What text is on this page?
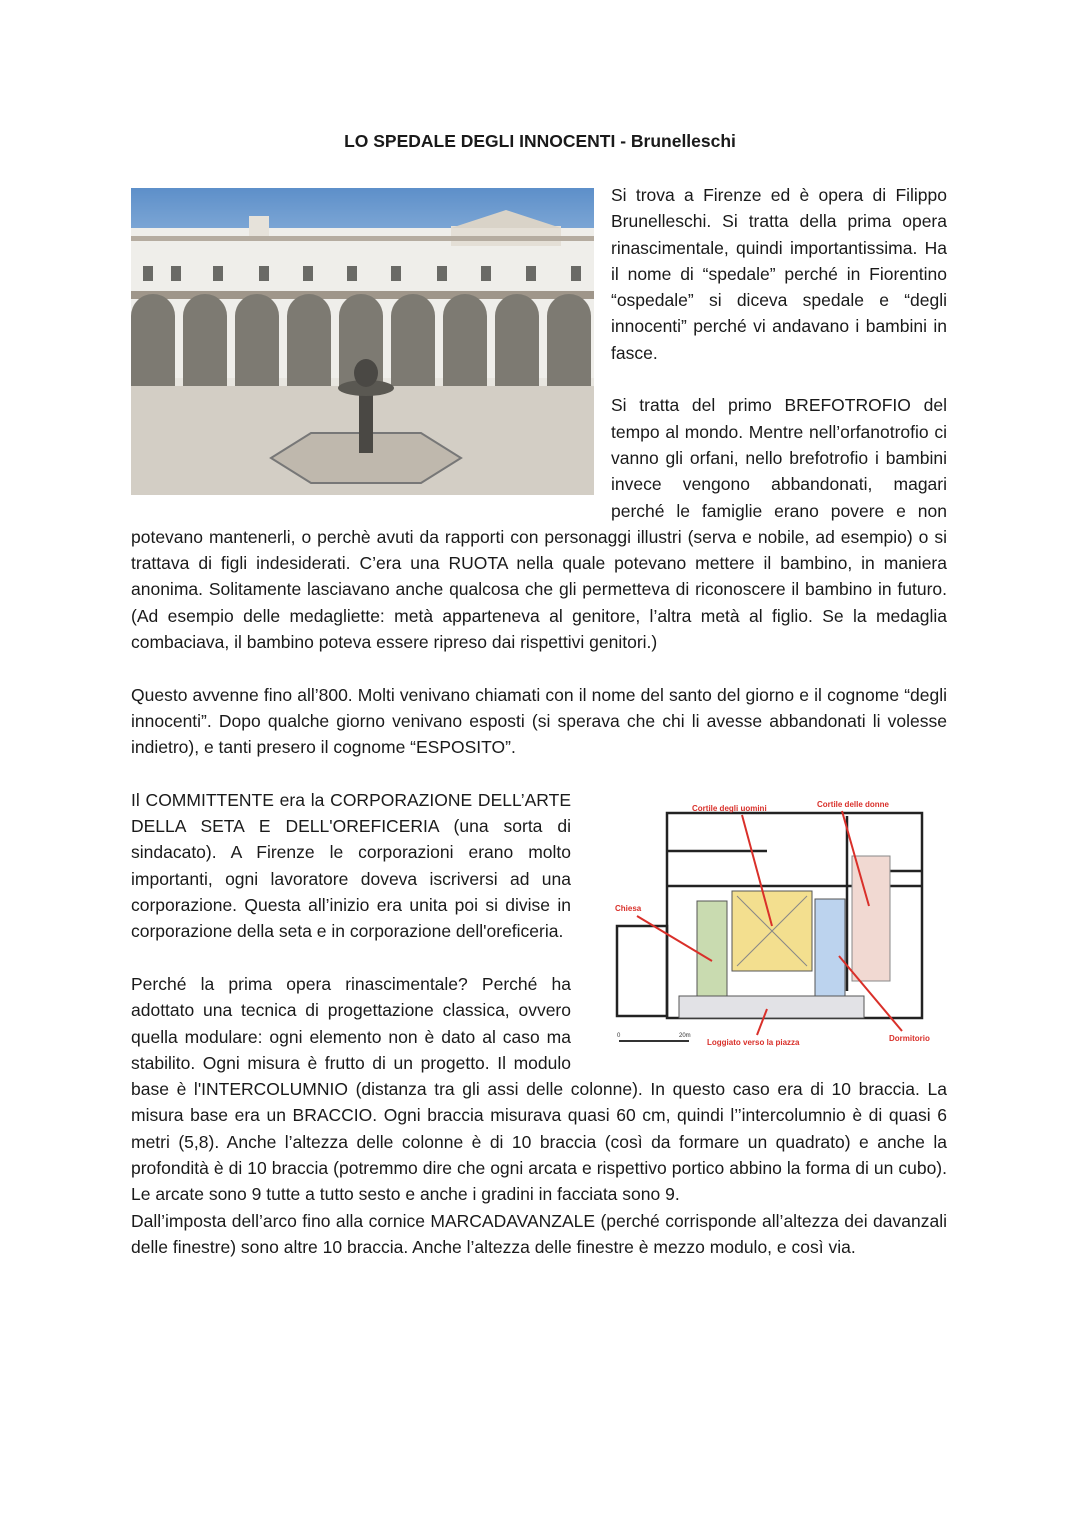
LO SPEDALE DEGLI INNOCENTI - Brunelleschi

Si trova a Firenze ed è opera di Filippo Brunelleschi. Si tratta della prima opera rinascimentale, quindi importantissima. Ha il nome di “spedale” perché in Fiorentino “ospedale” si diceva spedale e “degli innocenti” perché vi andavano i bambini in fasce.

Si tratta del primo BREFOTROFIO del tempo al mondo. Mentre nell’orfanotrofio ci vanno gli orfani, nello brefotrofio i bambini invece vengono abbandonati, magari perché le famiglie erano povere e non potevano mantenerli, o perchè avuti da rapporti con personaggi illustri (serva e nobile, ad esempio) o si trattava di figli indesiderati. C’era una RUOTA nella quale potevano mettere il bambino, in maniera anonima. Solitamente lasciavano anche qualcosa che gli permetteva di riconoscere il bambino in futuro. (Ad esempio delle medagliette: metà apparteneva al genitore, l’altra metà al figlio. Se la medaglia combaciava, il bambino poteva essere ripreso dai rispettivi genitori.)

Questo avvenne fino all’800. Molti venivano chiamati con il nome del santo del giorno e il cognome “degli innocenti”. Dopo qualche giorno venivano esposti (si sperava che chi li avesse abbandonati li volesse indietro), e tanti presero il cognome “ESPOSITO”.

Cortile degli uomini	Cortile delle donne
Chiesa
Loggiato verso la piazza	Dormitorio
0	20m

Il COMMITTENTE era la CORPORAZIONE DELL’ARTE DELLA SETA E DELL'OREFICERIA (una sorta di sindacato). A Firenze le corporazioni erano molto importanti, ogni lavoratore doveva iscriversi ad una corporazione. Questa all’inizio era unita poi si divise in corporazione della seta e in corporazione dell'oreficeria.

Perché la prima opera rinascimentale? Perché ha adottato una tecnica di progettazione classica, ovvero quella modulare: ogni elemento non è dato al caso ma stabilito. Ogni misura è frutto di un progetto. Il modulo base è l'INTERCOLUMNIO (distanza tra gli assi delle colonne). In questo caso era di 10 braccia. La misura base era un BRACCIO. Ogni braccia misurava quasi 60 cm, quindi l’’intercolumnio è di quasi 6 metri (5,8). Anche l’altezza delle colonne è di 10 braccia (così da formare un quadrato) e anche la profondità è di 10 braccia (potremmo dire che ogni arcata e rispettivo portico abbino la forma di un cubo). Le arcate sono 9 tutte a tutto sesto e anche i gradini in facciata sono 9.

Dall’imposta dell’arco fino alla cornice MARCADAVANZALE (perché corrisponde all’altezza dei davanzali delle finestre) sono altre 10 braccia. Anche l’altezza delle finestre è mezzo modulo, e così via.
